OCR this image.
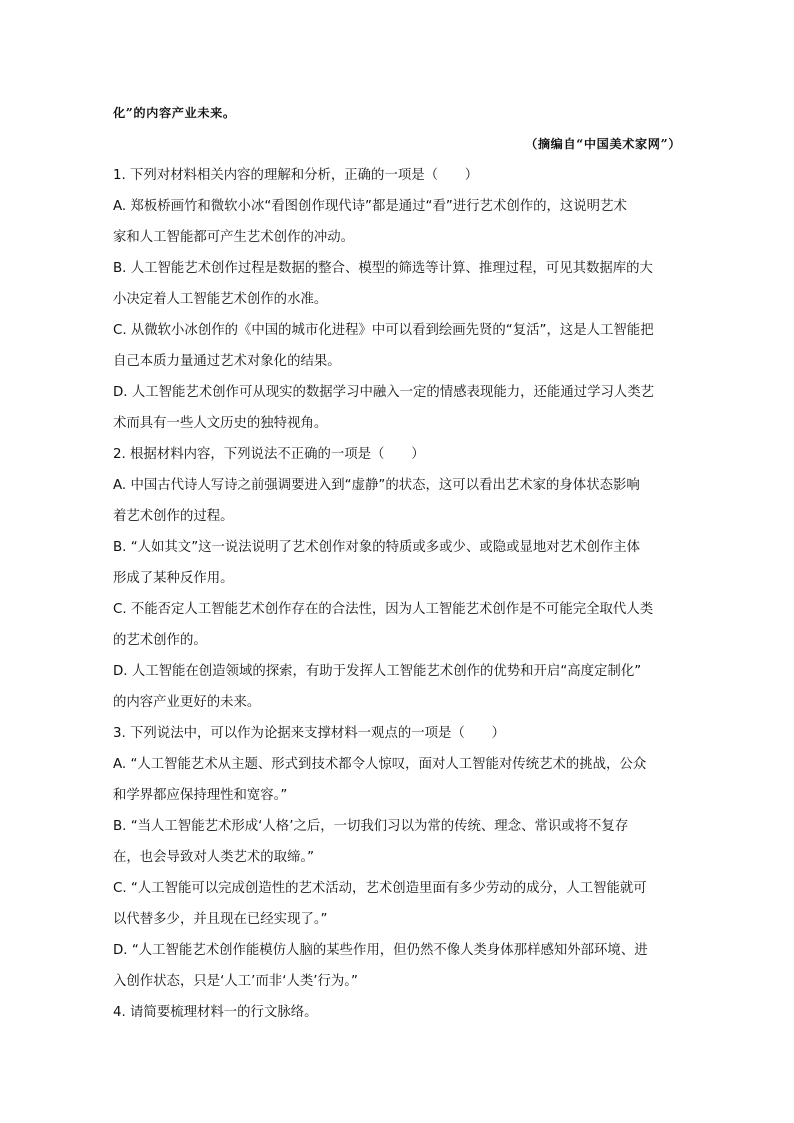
化”的内容产业未来。
（摘编自“中国美术家网”）
1. 下列对材料相关内容的理解和分析，正确的一项是（　　）
A. 郑板桥画竹和微软小冰“看图创作现代诗”都是通过“看”进行艺术创作的，这说明艺术
家和人工智能都可产生艺术创作的冲动。
B. 人工智能艺术创作过程是数据的整合、模型的筛选等计算、推理过程，可见其数据库的大
小决定着人工智能艺术创作的水准。
C. 从微软小冰创作的《中国的城市化进程》中可以看到绘画先贤的“复活”，这是人工智能把
自己本质力量通过艺术对象化的结果。
D. 人工智能艺术创作可从现实的数据学习中融入一定的情感表现能力，还能通过学习人类艺
术而具有一些人文历史的独特视角。
2. 根据材料内容，下列说法不正确的一项是（　　）
A. 中国古代诗人写诗之前强调要进入到“虚静”的状态，这可以看出艺术家的身体状态影响
着艺术创作的过程。
B. “人如其文”这一说法说明了艺术创作对象的特质或多或少、或隐或显地对艺术创作主体
形成了某种反作用。
C. 不能否定人工智能艺术创作存在的合法性，因为人工智能艺术创作是不可能完全取代人类
的艺术创作的。
D. 人工智能在创造领域的探索，有助于发挥人工智能艺术创作的优势和开启“高度定制化”
的内容产业更好的未来。
3. 下列说法中，可以作为论据来支撑材料一观点的一项是（　　）
A. “人工智能艺术从主题、形式到技术都令人惊叹，面对人工智能对传统艺术的挑战，公众
和学界都应保持理性和宽容。”
B. “当人工智能艺术形成‘人格’之后，一切我们习以为常的传统、理念、常识或将不复存
在，也会导致对人类艺术的取缔。”
C. “人工智能可以完成创造性的艺术活动，艺术创造里面有多少劳动的成分，人工智能就可
以代替多少，并且现在已经实现了。”
D. “人工智能艺术创作能模仿人脑的某些作用，但仍然不像人类身体那样感知外部环境、进
入创作状态，只是‘人工’而非‘人类’行为。”
4. 请简要梳理材料一的行文脉络。
